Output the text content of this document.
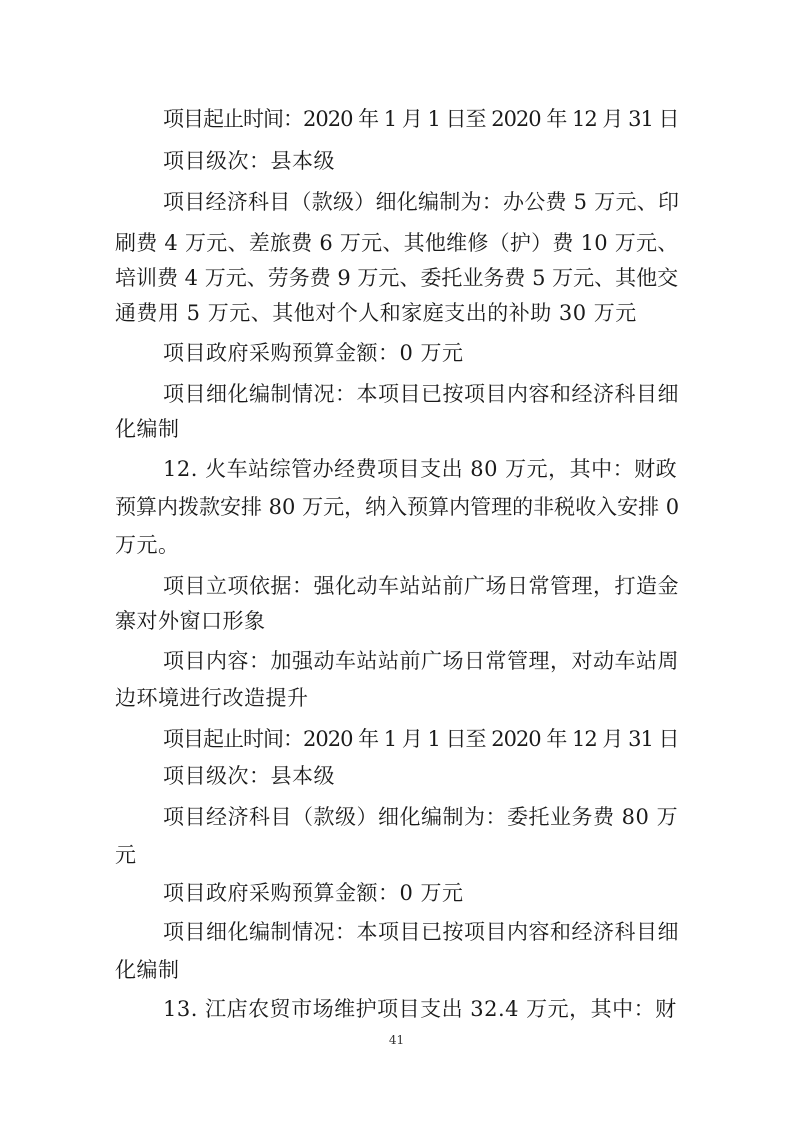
项目起止时间：2020 年 1 月 1 日至 2020 年 12 月 31 日
项目级次：县本级
项目经济科目（款级）细化编制为：办公费 5 万元、印
刷费 4 万元、差旅费 6 万元、其他维修（护）费 10 万元、
培训费 4 万元、劳务费 9 万元、委托业务费 5 万元、其他交
通费用 5 万元、其他对个人和家庭支出的补助 30 万元
项目政府采购预算金额：0 万元
项目细化编制情况：本项目已按项目内容和经济科目细
化编制
12. 火车站综管办经费项目支出 80 万元，其中：财政
预算内拨款安排 80 万元，纳入预算内管理的非税收入安排 0
万元。
项目立项依据：强化动车站站前广场日常管理，打造金
寨对外窗口形象
项目内容：加强动车站站前广场日常管理，对动车站周
边环境进行改造提升
项目起止时间：2020 年 1 月 1 日至 2020 年 12 月 31 日
项目级次：县本级
项目经济科目（款级）细化编制为：委托业务费 80 万
元
项目政府采购预算金额：0 万元
项目细化编制情况：本项目已按项目内容和经济科目细
化编制
13. 江店农贸市场维护项目支出 32.4 万元，其中：财
41
